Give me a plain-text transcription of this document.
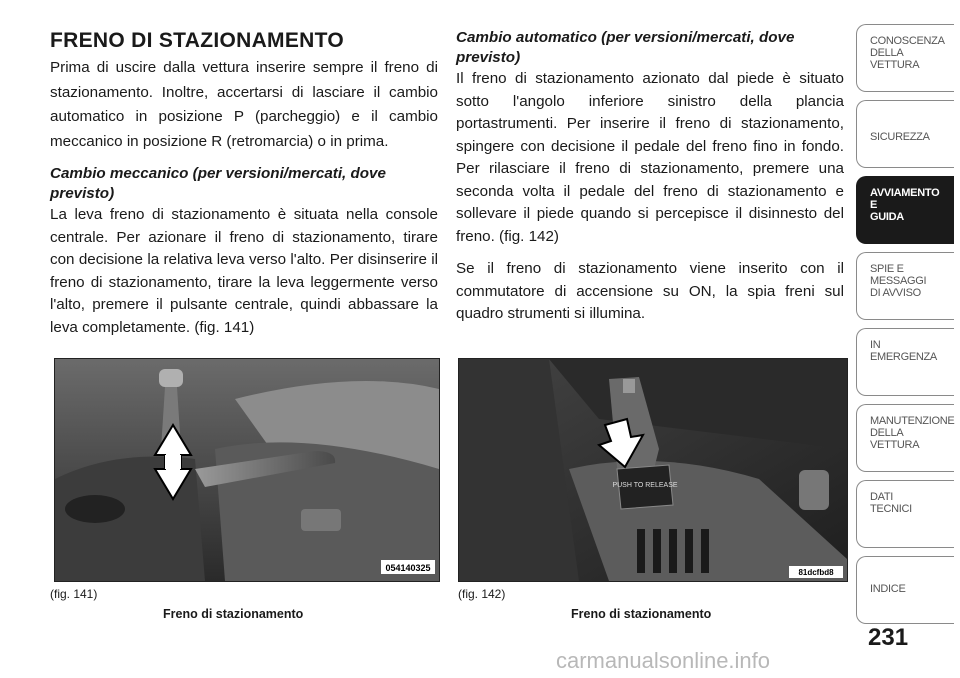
FRENO DI STAZIONAMENTO

Prima di uscire dalla vettura inserire sempre il freno di stazionamento. Inoltre, accertarsi di lasciare il cambio automatico in posizione P (parcheggio) e il cambio meccanico in posizione R (retromarcia) o in prima.

Cambio meccanico (per versioni/mercati, dove previsto)

La leva freno di stazionamento è situata nella console centrale. Per azionare il freno di stazionamento, tirare con decisione la relativa leva verso l'alto. Per disinserire il freno di stazionamento, tirare la leva leggermente verso l'alto, premere il pulsante centrale, quindi abbassare la leva completamente. (fig. 141)

Cambio automatico (per versioni/mercati, dove previsto)

Il freno di stazionamento azionato dal piede è situato sotto l'angolo inferiore sinistro della plancia portastrumenti. Per inserire il freno di stazionamento, spingere con decisione il pedale del freno fino in fondo. Per rilasciare il freno di stazionamento, premere una seconda volta il pedale del freno di stazionamento e sollevare il piede quando si percepisce il disinnesto del freno. (fig. 142)

Se il freno di stazionamento viene inserito con il commutatore di accensione su ON, la spia freni sul quadro strumenti si illumina.

054140325
PUSH TO RELEASE
81dcfbd8
(fig. 141)
Freno di stazionamento
(fig. 142)
Freno di stazionamento
CONOSCENZA
DELLA
VETTURA
SICUREZZA
AVVIAMENTO
E
GUIDA
SPIE E
MESSAGGI
DI AVVISO
IN
EMERGENZA
MANUTENZIONE
DELLA
VETTURA
DATI
TECNICI
INDICE
231
carmanualsonline.info
